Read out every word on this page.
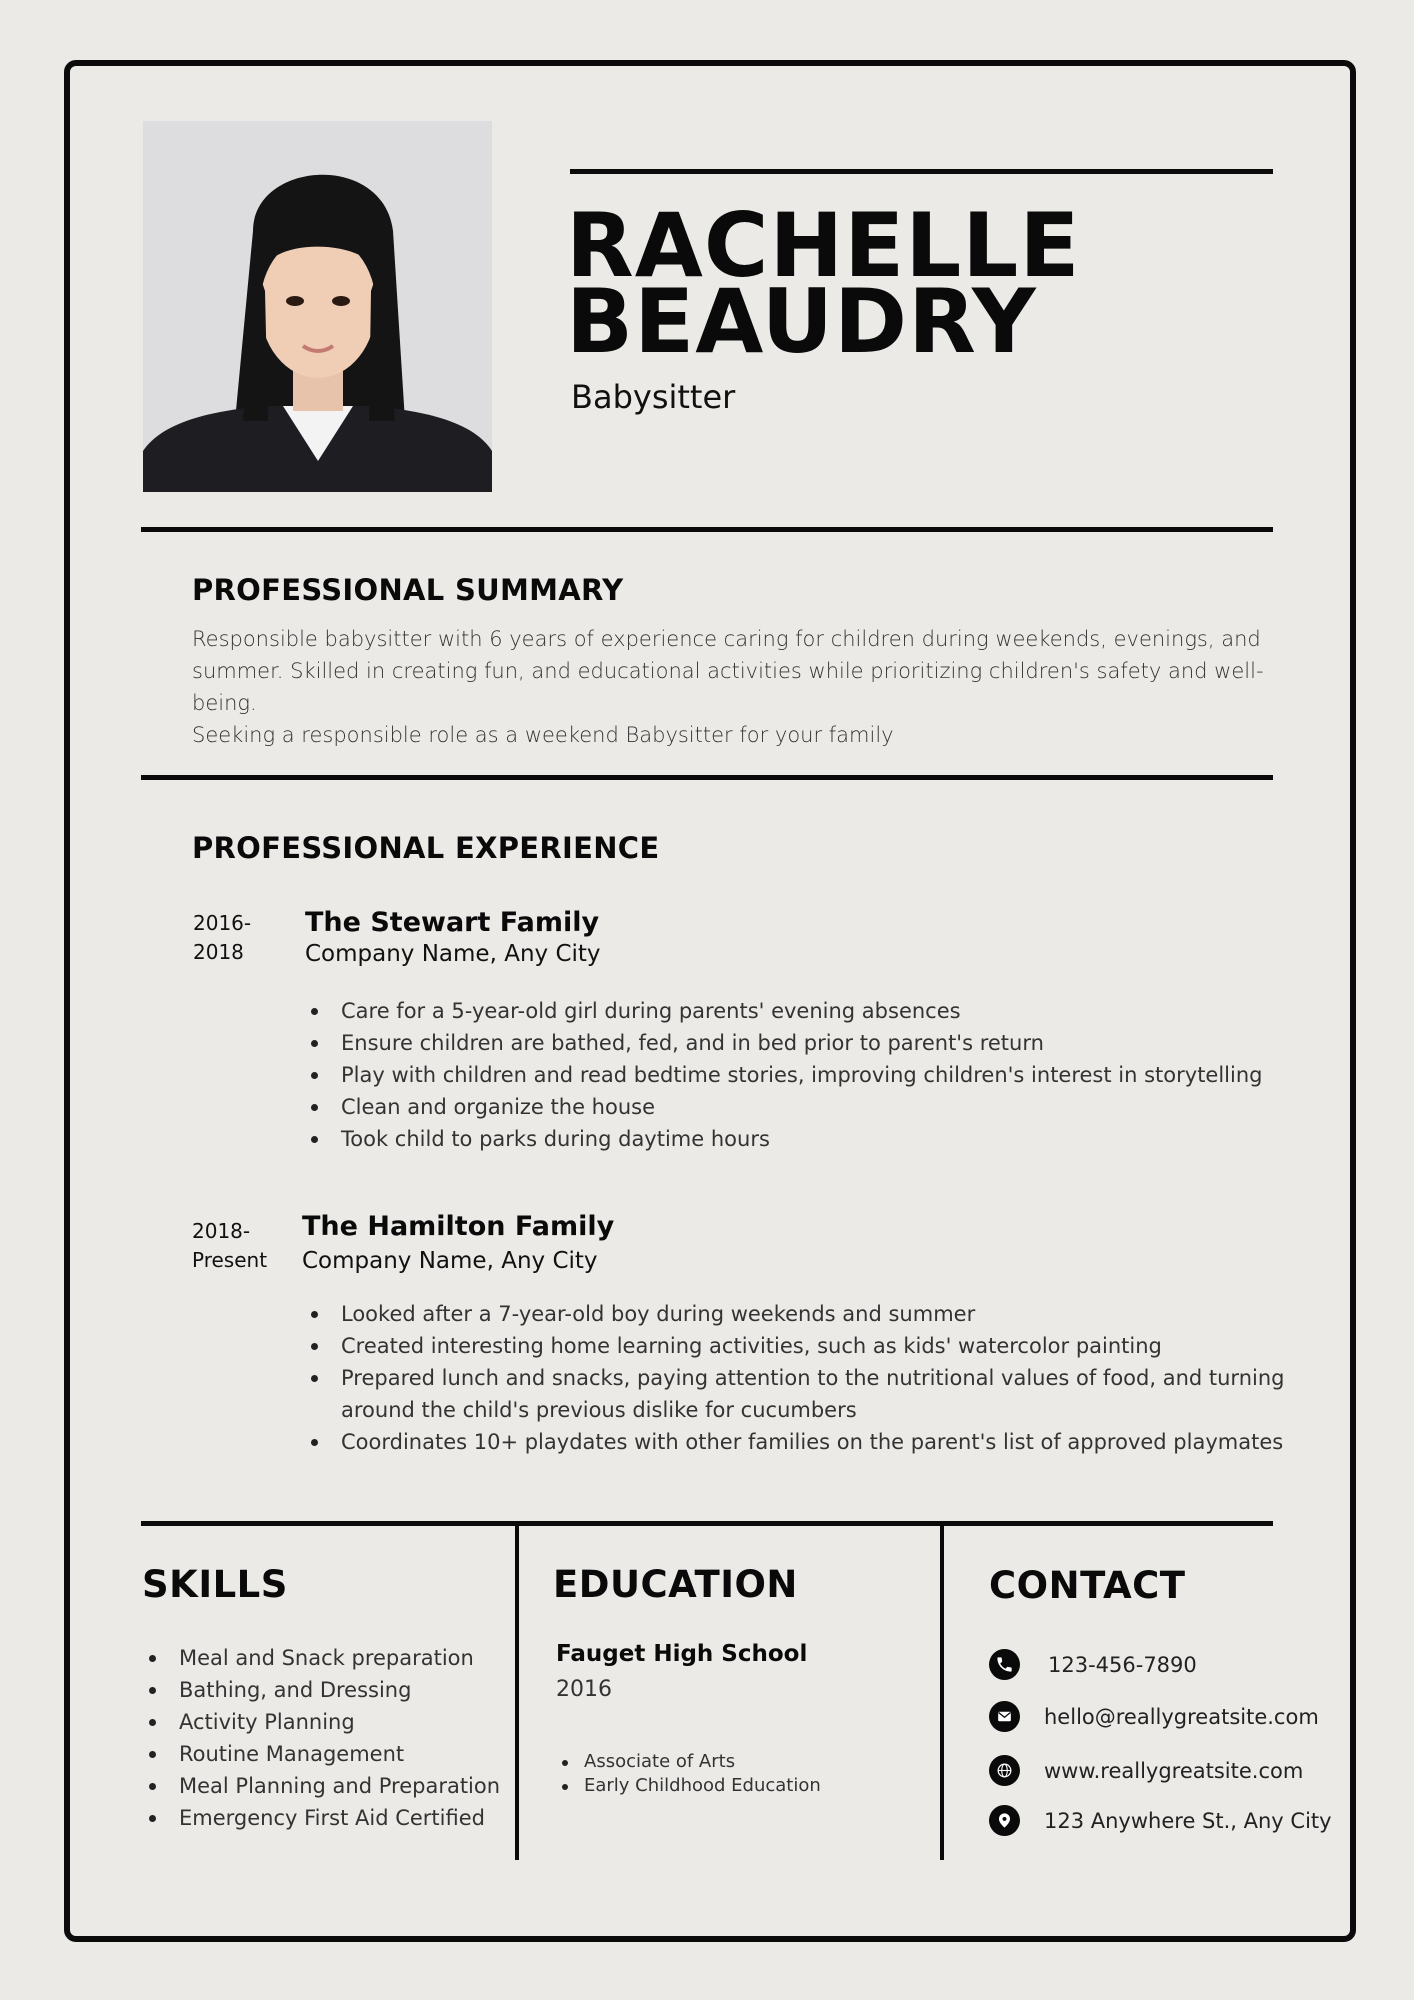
RACHELLE
BEAUDRY
Babysitter
PROFESSIONAL SUMMARY
Responsible babysitter with 6 years of experience caring for children during weekends, evenings, and
summer. Skilled in creating fun, and educational activities while prioritizing children's safety and well-being.
Seeking a responsible role as a weekend Babysitter for your family
PROFESSIONAL EXPERIENCE
2016-
2018
The Stewart Family
Company Name, Any City
Care for a 5-year-old girl during parents' evening absences
Ensure children are bathed, fed, and in bed prior to parent's return
Play with children and read bedtime stories, improving children's interest in storytelling
Clean and organize the house
Took child to parks during daytime hours
2018-
Present
The Hamilton Family
Company Name, Any City
Looked after a 7-year-old boy during weekends and summer
Created interesting home learning activities, such as kids' watercolor painting
Prepared lunch and snacks, paying attention to the nutritional values of food, and turning
around the child's previous dislike for cucumbers
Coordinates 10+ playdates with other families on the parent's list of approved playmates
SKILLS
Meal and Snack preparation
Bathing, and Dressing
Activity Planning
Routine Management
Meal Planning and Preparation
Emergency First Aid Certified
EDUCATION
Fauget High School
2016
Associate of Arts
Early Childhood Education
CONTACT
123-456-7890
hello@reallygreatsite.com
www.reallygreatsite.com
123 Anywhere St., Any City
